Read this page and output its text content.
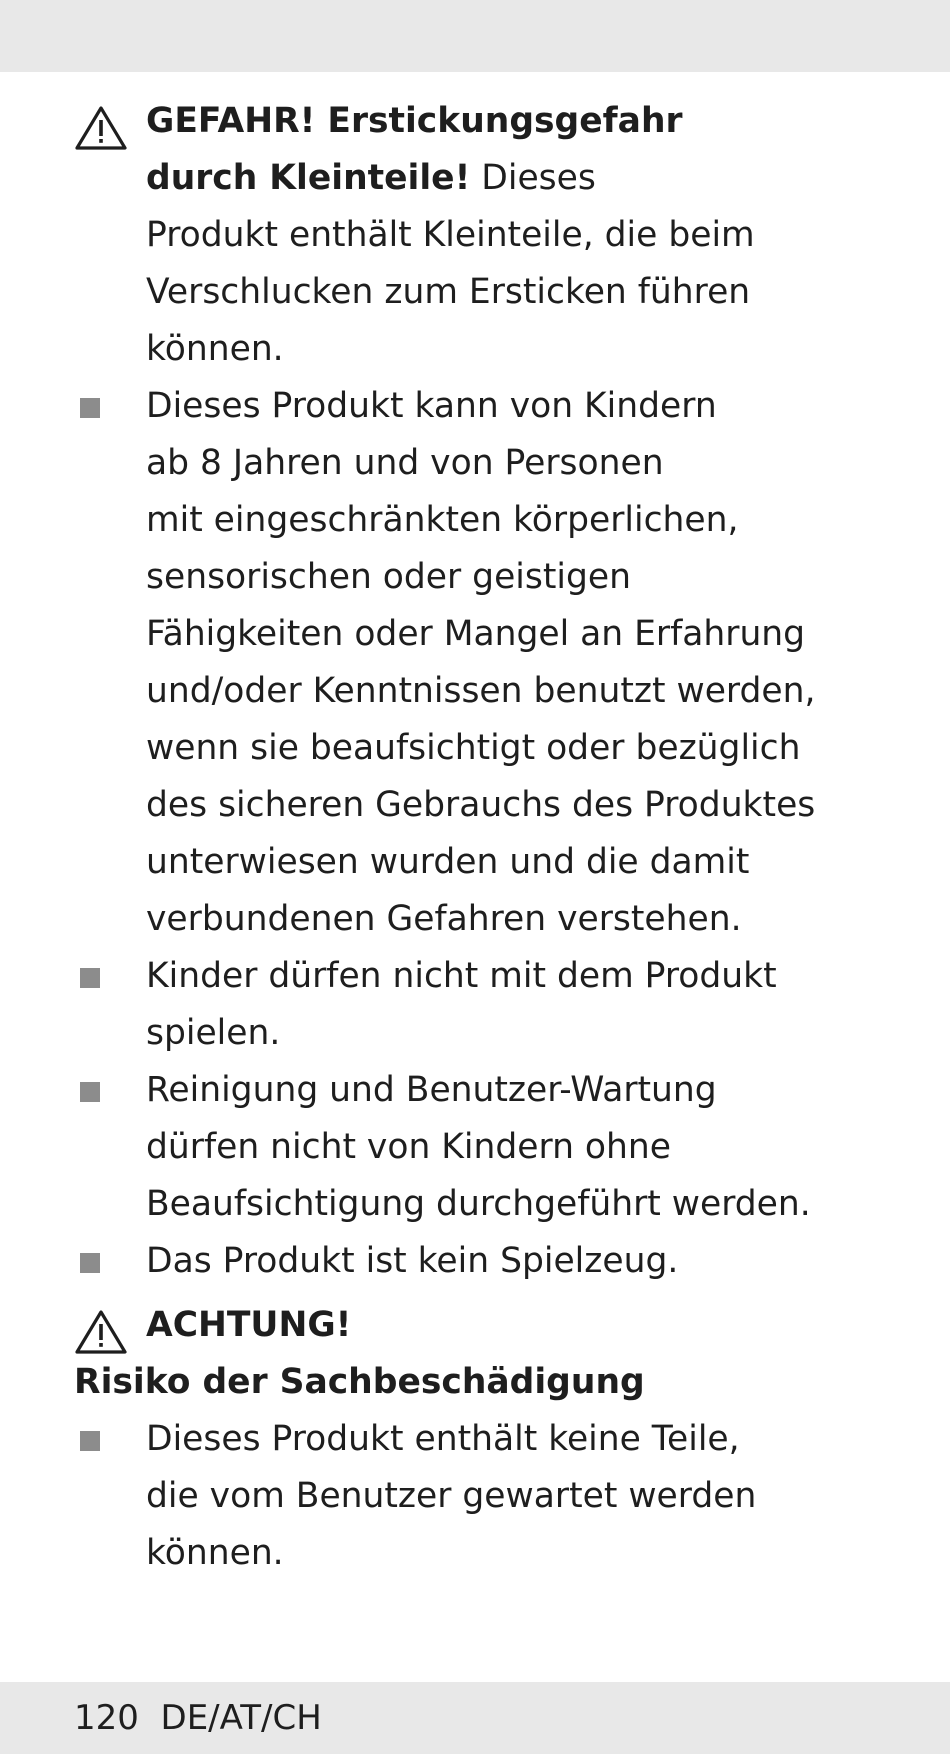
GEFAHR! Erstickungsgefahr
durch Kleinteile! Dieses
Produkt enthält Kleinteile, die beim
Verschlucken zum Ersticken führen
können.
Dieses Produkt kann von Kindern
ab 8 Jahren und von Personen
mit eingeschränkten körperlichen,
sensorischen oder geistigen
Fähigkeiten oder Mangel an Erfahrung
und/oder Kenntnissen benutzt werden,
wenn sie beaufsichtigt oder bezüglich
des sicheren Gebrauchs des Produktes
unterwiesen wurden und die damit
verbundenen Gefahren verstehen.
Kinder dürfen nicht mit dem Produkt
spielen.
Reinigung und Benutzer-Wartung
dürfen nicht von Kindern ohne
Beaufsichtigung durchgeführt werden.
Das Produkt ist kein Spielzeug.
ACHTUNG!
Risiko der Sachbeschädigung
Dieses Produkt enthält keine Teile,
die vom Benutzer gewartet werden
können.
120  DE/AT/CH
